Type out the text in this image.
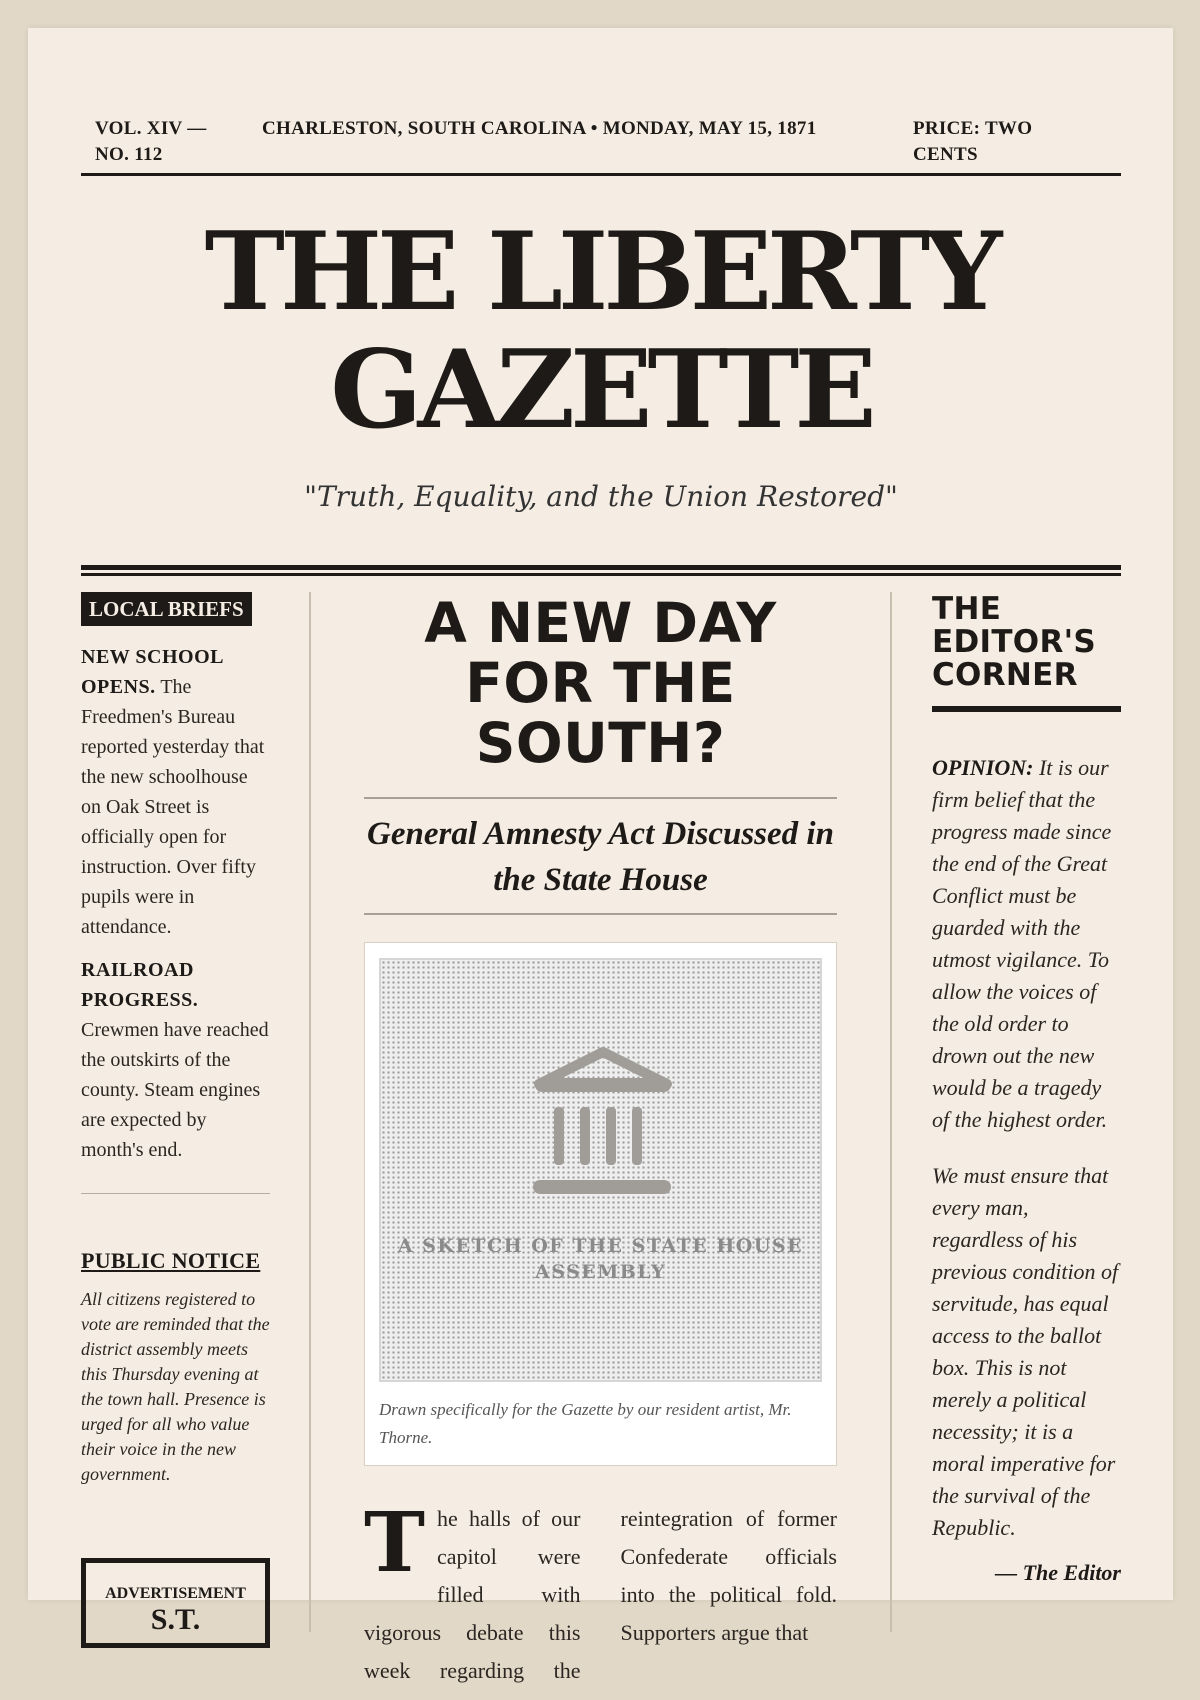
VOL. XIV — NO. 112
CHARLESTON, SOUTH CAROLINA • MONDAY, MAY 15, 1871	PRICE: TWO CENTS
THE LIBERTY
GAZETTE
"Truth, Equality, and the Union Restored"
LOCAL BRIEFS
NEW SCHOOL OPENS. The Freedmen's Bureau reported yesterday that the new schoolhouse on Oak Street is officially open for instruction. Over fifty pupils were in attendance.
RAILROAD PROGRESS. Crewmen have reached the outskirts of the county. Steam engines are expected by month's end.
PUBLIC NOTICE
All citizens registered to vote are reminded that the district assembly meets this Thursday evening at the town hall. Presence is urged for all who value their voice in the new government.
ADVERTISEMENT
S.T.
A NEW DAY FOR THE SOUTH?
General Amnesty Act Discussed in the State House
A SKETCH OF THE STATE HOUSE ASSEMBLY
Drawn specifically for the Gazette by our resident artist, Mr. Thorne.
The halls of our capitol were filled with vigorous debate this week regarding the reintegration of former Confederate officials into the political fold. Supporters argue that
THE EDITOR'S CORNER
OPINION: It is our firm belief that the progress made since the end of the Great Conflict must be guarded with the utmost vigilance. To allow the voices of the old order to drown out the new would be a tragedy of the highest order.
We must ensure that every man, regardless of his previous condition of servitude, has equal access to the ballot box. This is not merely a political necessity; it is a moral imperative for the survival of the Republic.
— The Editor
